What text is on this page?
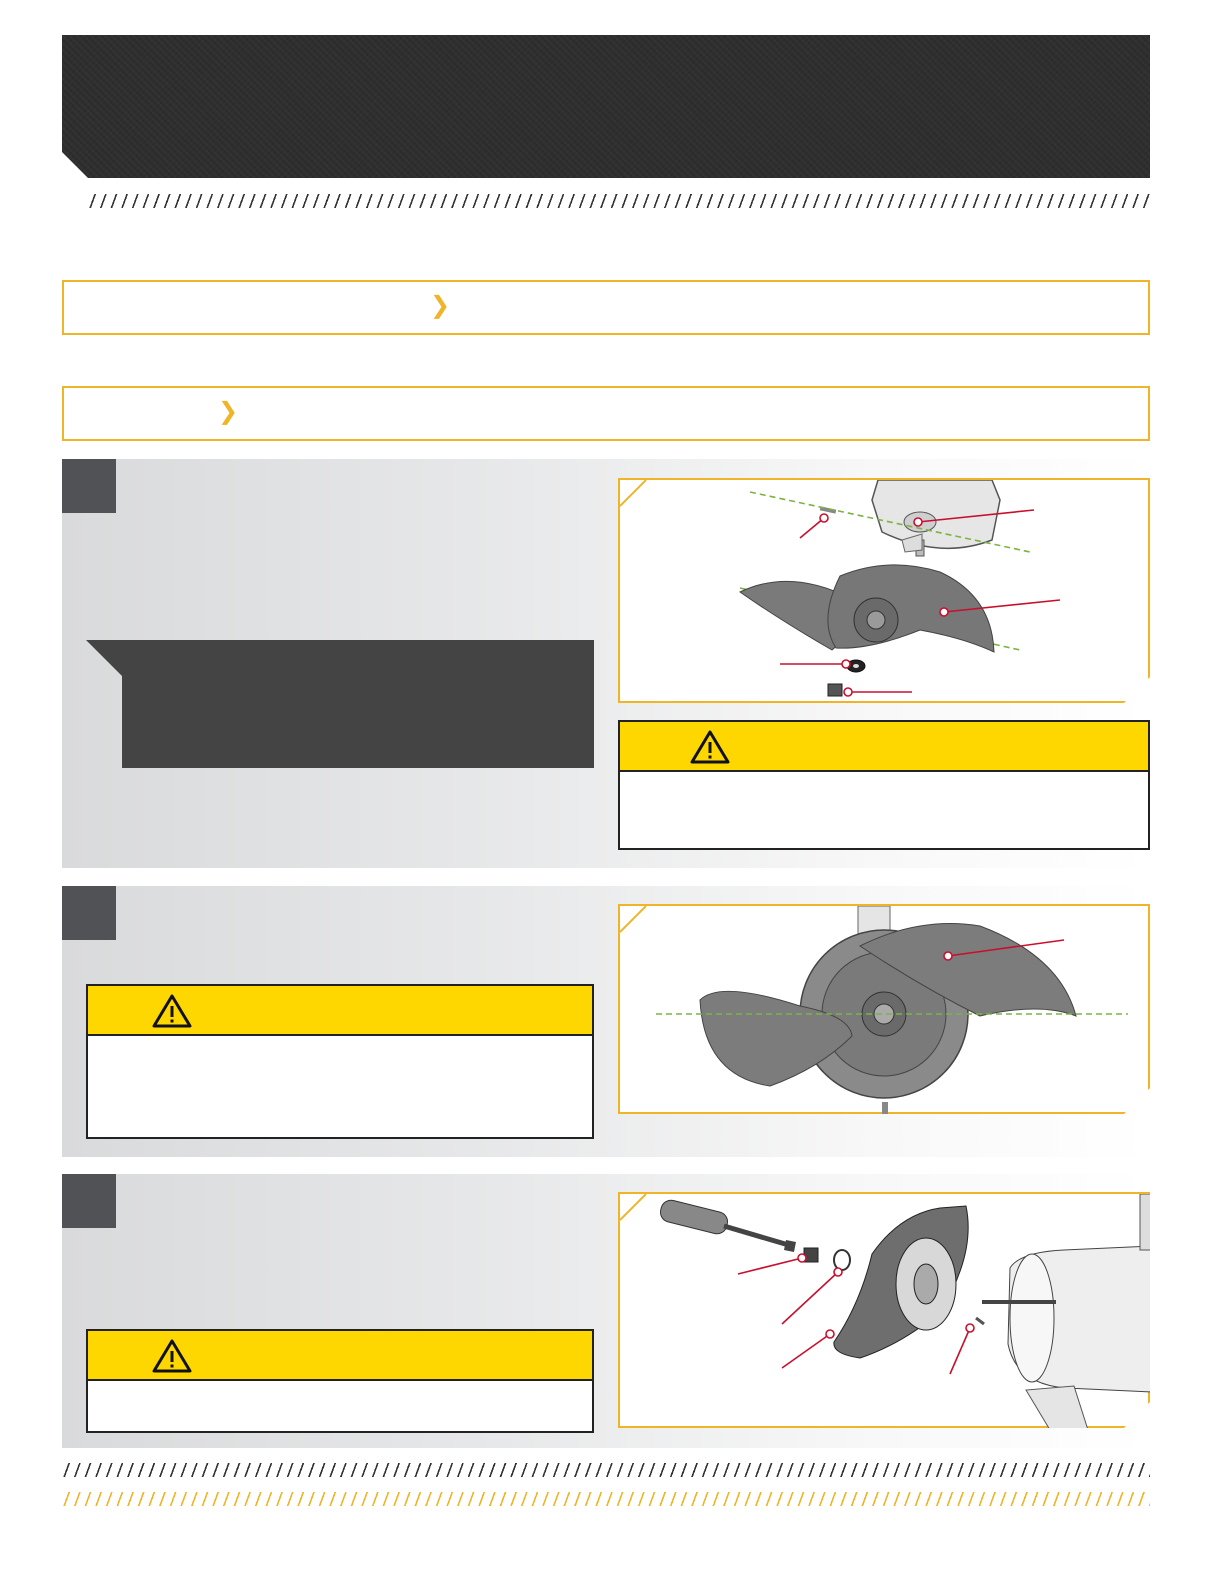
❯
❯
